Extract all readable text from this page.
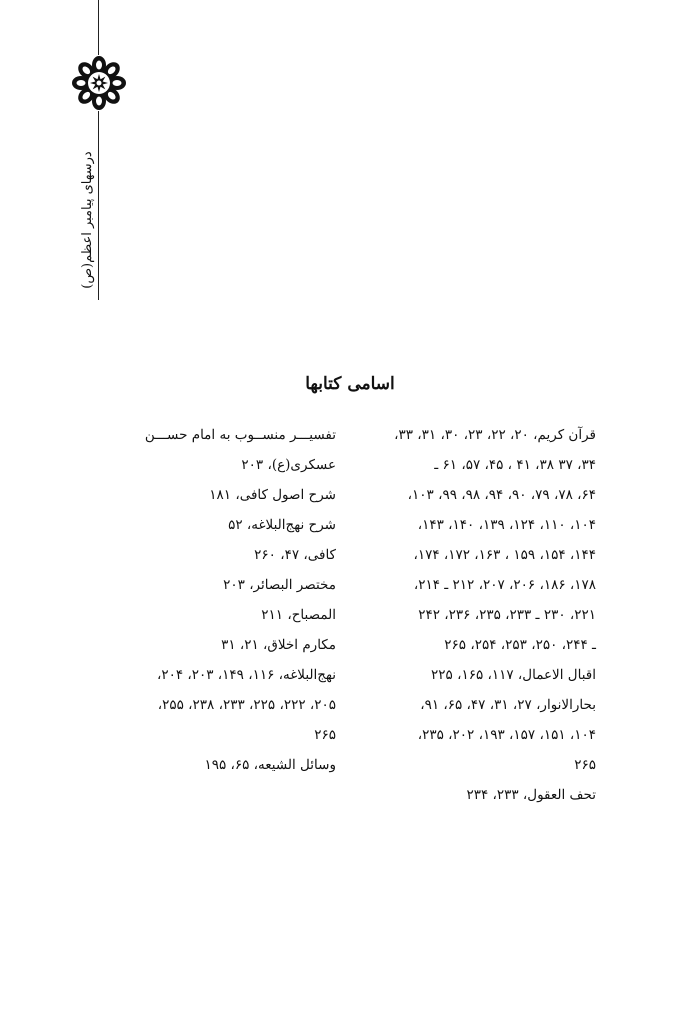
درسهای پیامبر اعظم(ص)
اسامی کتابها
قرآن کریم، ۲۰، ۲۲، ۲۳، ۳۰، ۳۱، ۳۳،
۳۴، ۳۷ ۳۸، ۴۱ ، ۴۵، ۵۷، ۶۱ ـ
۶۴، ۷۸، ۷۹، ۹۰، ۹۴، ۹۸، ۹۹، ۱۰۳،
۱۰۴، ۱۱۰، ۱۲۴، ۱۳۹، ۱۴۰، ۱۴۳،
۱۴۴، ۱۵۴، ۱۵۹ ، ۱۶۳، ۱۷۲، ۱۷۴،
۱۷۸، ۱۸۶، ۲۰۶، ۲۰۷، ۲۱۲ ـ ۲۱۴،
۲۲۱، ۲۳۰ ـ ۲۳۳، ۲۳۵، ۲۳۶، ۲۴۲
ـ ۲۴۴، ۲۵۰، ۲۵۳، ۲۵۴، ۲۶۵
اقبال الاعمال، ۱۱۷، ۱۶۵، ۲۲۵
بحارالانوار، ۲۷، ۳۱، ۴۷، ۶۵، ۹۱،
۱۰۴، ۱۵۱، ۱۵۷، ۱۹۳، ۲۰۲، ۲۳۵،
۲۶۵
تحف العقول، ۲۳۳، ۲۳۴
تفسیـــر منســوب به امام حســـن
عسکری(ع)، ۲۰۳
شرح اصول کافی، ۱۸۱
شرح نهج‌البلاغه، ۵۲
کافی، ۴۷، ۲۶۰
مختصر البصائر، ۲۰۳
المصباح، ۲۱۱
مکارم اخلاق، ۲۱، ۳۱
نهج‌البلاغه، ۱۱۶، ۱۴۹، ۲۰۳، ۲۰۴،
۲۰۵، ۲۲۲، ۲۲۵، ۲۳۳، ۲۳۸، ۲۵۵،
۲۶۵
وسائل الشیعه، ۶۵، ۱۹۵
